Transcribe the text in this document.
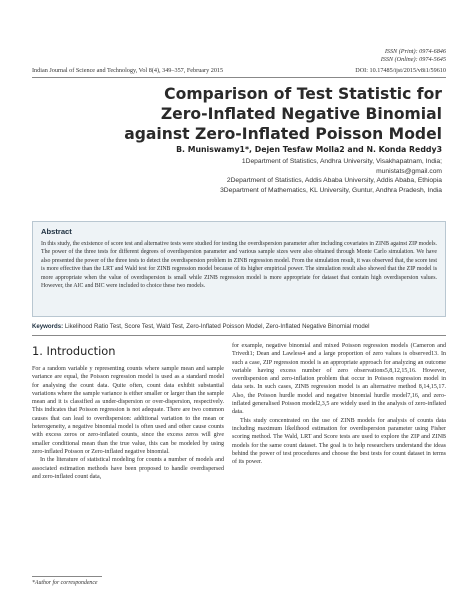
ISSN (Print): 0974-6846
ISSN (Online): 0974-5645
Indian Journal of Science and Technology, Vol 8(4), 349–357, February 2015	DOI: 10.17485/ijst/2015/v8i1/59610
Comparison of Test Statistic for
Zero-Inflated Negative Binomial
against Zero-Inflated Poisson Model
B. Muniswamy1*, Dejen Tesfaw Molla2 and N. Konda Reddy3
1Department of Statistics, Andhra University, Visakhapatnam, India;
munistats@gmail.com
2Department of Statistics, Addis Ababa University, Addis Ababa, Ethiopia
3Department of Mathematics, KL University, Guntur, Andhra Pradesh, India
Abstract
In this study, the existence of score test and alternative tests were studied for testing the overdispersion parameter after including covariates in ZINB against ZIP models. The power of the three tests for different degrees of overdispersion parameter and various sample sizes were also obtained through Monte Carlo simulation. We have also presented the power of the three tests to detect the overdispersion problem in ZINB regression model. From the simulation result, it was observed that, the score test is more effective than the LRT and Wald test for ZINB regression model because of its higher empirical power. The simulation result also showed that the ZIP model is more appropriate when the value of overdispersion is small while ZINB regression model is more appropriate for dataset that contain high overdispersion values. However, the AIC and BIC were included to choice these two models.
Keywords: Likelihood Ratio Test, Score Test, Wald Test, Zero-Inflated Poisson Model, Zero-Inflated Negative Binomial model
1. Introduction

For a random variable y representing counts where sample mean and sample variance are equal, the Poisson regression model is used as a standard model for analysing the count data. Quite often, count data exhibit substantial variations where the sample variance is either smaller or larger than the sample mean and it is classified as under-dispersion or over-dispersion, respectively. This indicates that Poisson regression is not adequate. There are two common causes that can lead to overdispersion: additional variation to the mean or heterogeneity, a negative binomial model is often used and other cause counts with excess zeros or zero-inflated counts, since the excess zeros will give smaller conditional mean than the true value, this can be modeled by using zero-inflated Poisson or Zero-inflated negative binomial.

In the literature of statistical modeling for counts a number of models and associated estimation methods have been proposed to handle overdispersed and zero-inflated count data,

for example, negative binomial and mixed Poisson regression models (Cameron and Trivedi1; Dean and Lawless4 and a large proportion of zero values is observed13. In such a case, ZIP regression model is an appropriate approach for analyzing an outcome variable having excess number of zero observations5,8,12,15,16. However, overdispersion and zero-inflation problem that occur in Poisson regression model in data sets. In such cases, ZINB regression model is an alternative method 8,14,15,17. Also, the Poisson hurdle model and negative binomial hurdle model7,16, and zero-inflated generalised Poisson model2,3,5 are widely used in the analysis of zero-inflated data.

This study concentrated on the use of ZINB models for analysis of counts data including maximum likelihood estimation for overdispersion parameter using Fisher scoring method. The Wald, LRT and Score tests are used to explore the ZIP and ZINB models for the same count dataset. The goal is to help researchers understand the ideas behind the power of test procedures and choose the best tests for count dataset in terms of its power.

*Author for correspondence
